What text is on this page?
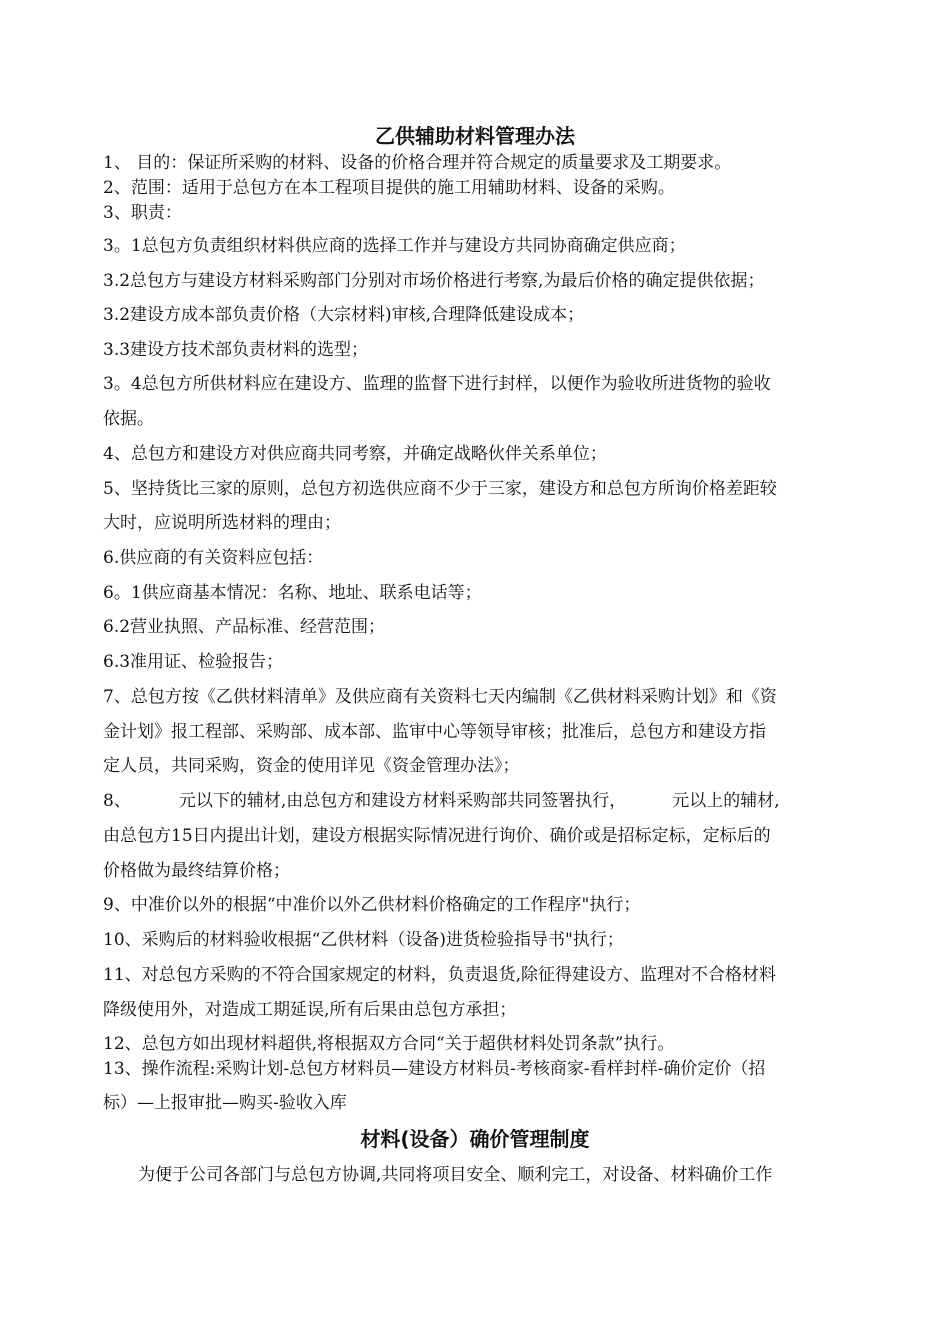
乙供辅助材料管理办法
1、 目的：保证所采购的材料、设备的价格合理并符合规定的质量要求及工期要求。
2、范围：适用于总包方在本工程项目提供的施工用辅助材料、设备的采购。
3、职责：
3。1总包方负责组织材料供应商的选择工作并与建设方共同协商确定供应商；
3.2总包方与建设方材料采购部门分别对市场价格进行考察,为最后价格的确定提供依据；
3.2建设方成本部负责价格（大宗材料)审核,合理降低建设成本；
3.3建设方技术部负责材料的选型；
3。4总包方所供材料应在建设方、监理的监督下进行封样，以便作为验收所进货物的验收
依据。
4、总包方和建设方对供应商共同考察，并确定战略伙伴关系单位；
5、坚持货比三家的原则，总包方初选供应商不少于三家，建设方和总包方所询价格差距较
大时，应说明所选材料的理由；
6.供应商的有关资料应包括：
6。1供应商基本情况：名称、地址、联系电话等；
6.2营业执照、产品标准、经营范围；
6.3准用证、检验报告；
7、总包方按《乙供材料清单》及供应商有关资料七天内编制《乙供材料采购计划》和《资
金计划》报工程部、采购部、成本部、监审中心等领导审核；批准后，总包方和建设方指
定人员，共同采购，资金的使用详见《资金管理办法》；
8、	元以下的辅材,由总包方和建设方材料采购部共同签署执行，	元以上的辅材,
由总包方15日内提出计划，建设方根据实际情况进行询价、确价或是招标定标，定标后的
价格做为最终结算价格；
9、中准价以外的根据“中准价以外乙供材料价格确定的工作程序"执行；
10、采购后的材料验收根据“乙供材料（设备)进货检验指导书"执行；
11、对总包方采购的不符合国家规定的材料，负责退货,除征得建设方、监理对不合格材料
降级使用外，对造成工期延误,所有后果由总包方承担；
12、总包方如出现材料超供,将根据双方合同“关于超供材料处罚条款”执行。
13、操作流程:采购计划-总包方材料员—建设方材料员-考核商家-看样封样-确价定价（招
标）—上报审批—购买-验收入库
材料(设备）确价管理制度
为便于公司各部门与总包方协调,共同将项目安全、顺利完工，对设备、材料确价工作
